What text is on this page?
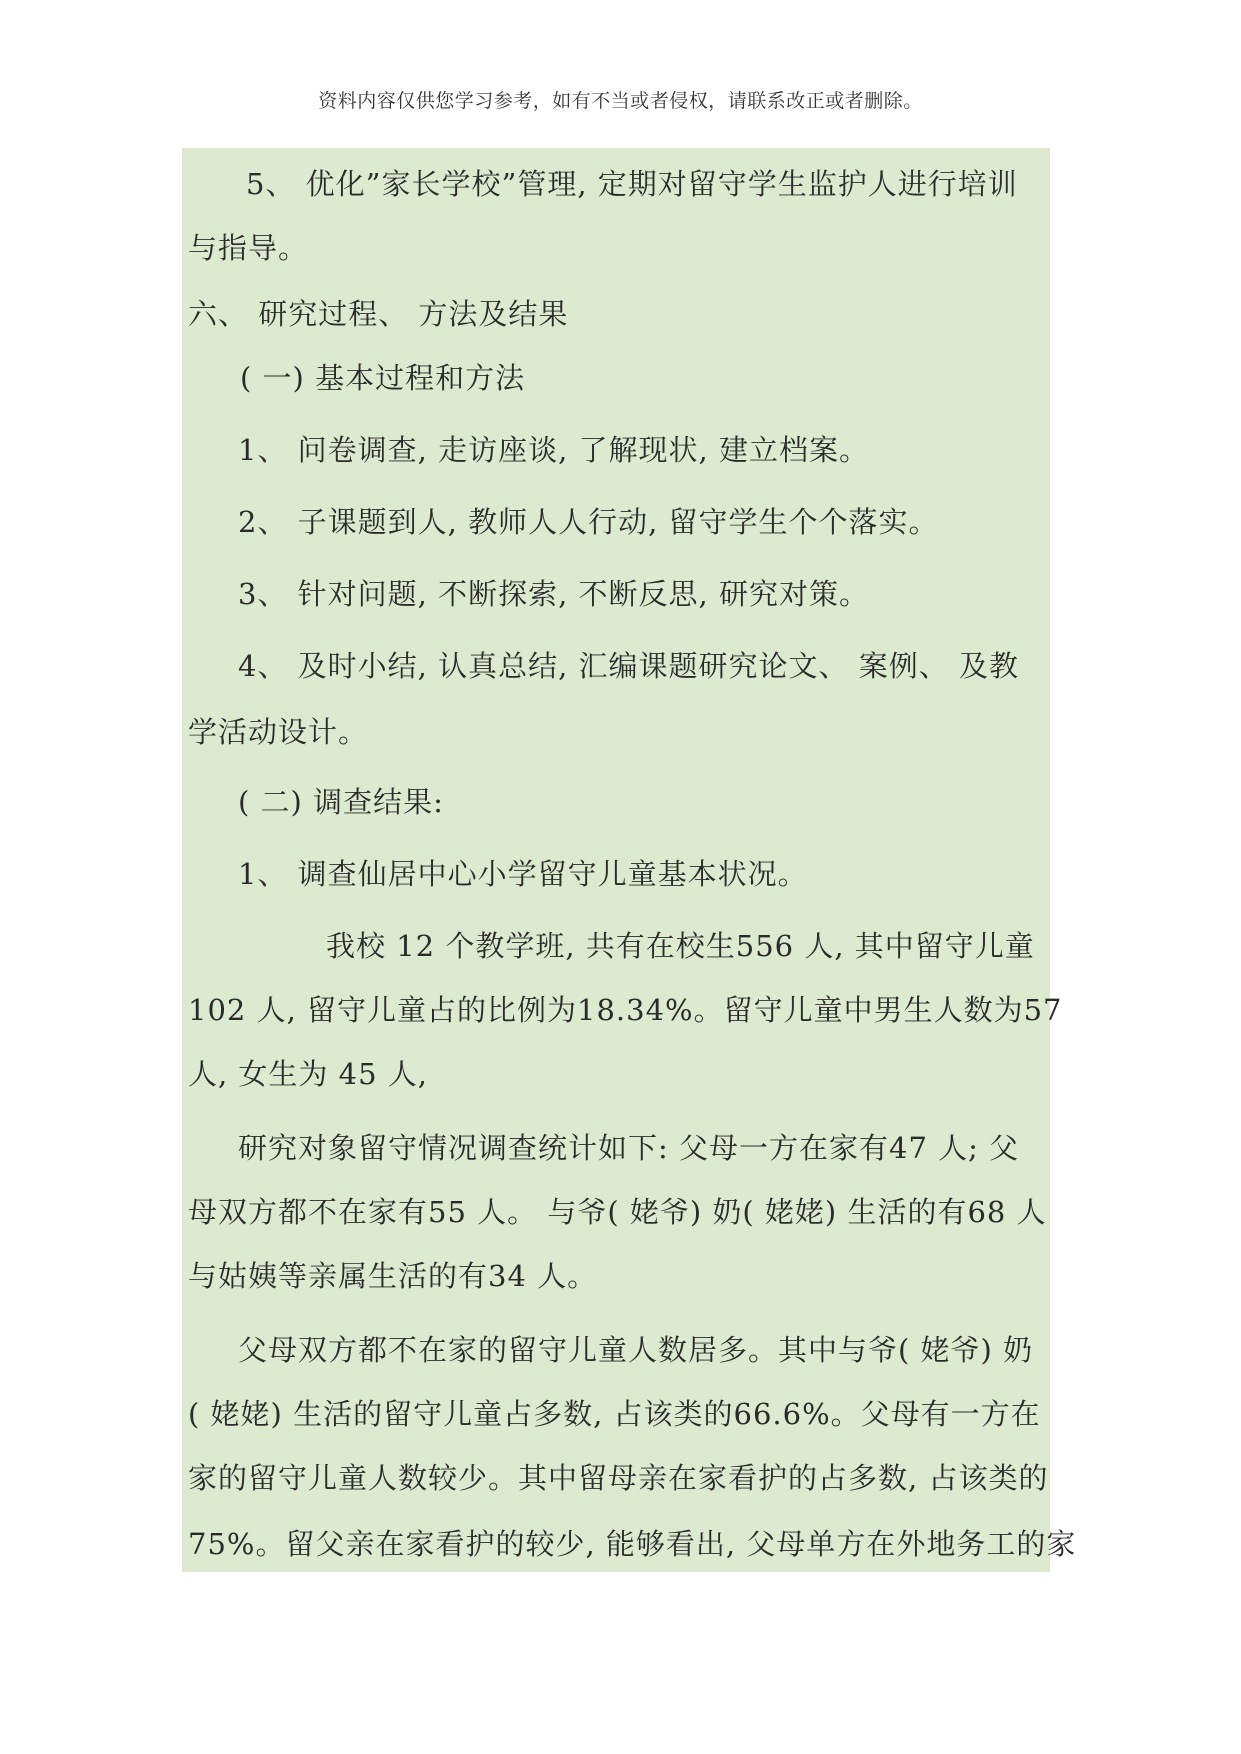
资料内容仅供您学习参考，如有不当或者侵权，请联系改正或者删除。
5、 优化”家长学校”管理, 定期对留守学生监护人进行培训
与指导。
六、 研究过程、 方法及结果
( 一) 基本过程和方法
1、 问卷调查, 走访座谈, 了解现状, 建立档案。
2、 子课题到人, 教师人人行动, 留守学生个个落实。
3、 针对问题, 不断探索, 不断反思, 研究对策。
4、 及时小结, 认真总结, 汇编课题研究论文、 案例、 及教
学活动设计。
( 二) 调查结果:
1、 调查仙居中心小学留守儿童基本状况。
我校 12 个教学班, 共有在校生556 人, 其中留守儿童
102 人, 留守儿童占的比例为18.34%。留守儿童中男生人数为57
人, 女生为 45 人,
研究对象留守情况调查统计如下: 父母一方在家有47 人; 父
母双方都不在家有55 人。 与爷( 姥爷) 奶( 姥姥) 生活的有68 人
与姑姨等亲属生活的有34 人。
父母双方都不在家的留守儿童人数居多。其中与爷( 姥爷) 奶
( 姥姥) 生活的留守儿童占多数, 占该类的66.6%。父母有一方在
家的留守儿童人数较少。其中留母亲在家看护的占多数, 占该类的
75%。留父亲在家看护的较少, 能够看出, 父母单方在外地务工的家
